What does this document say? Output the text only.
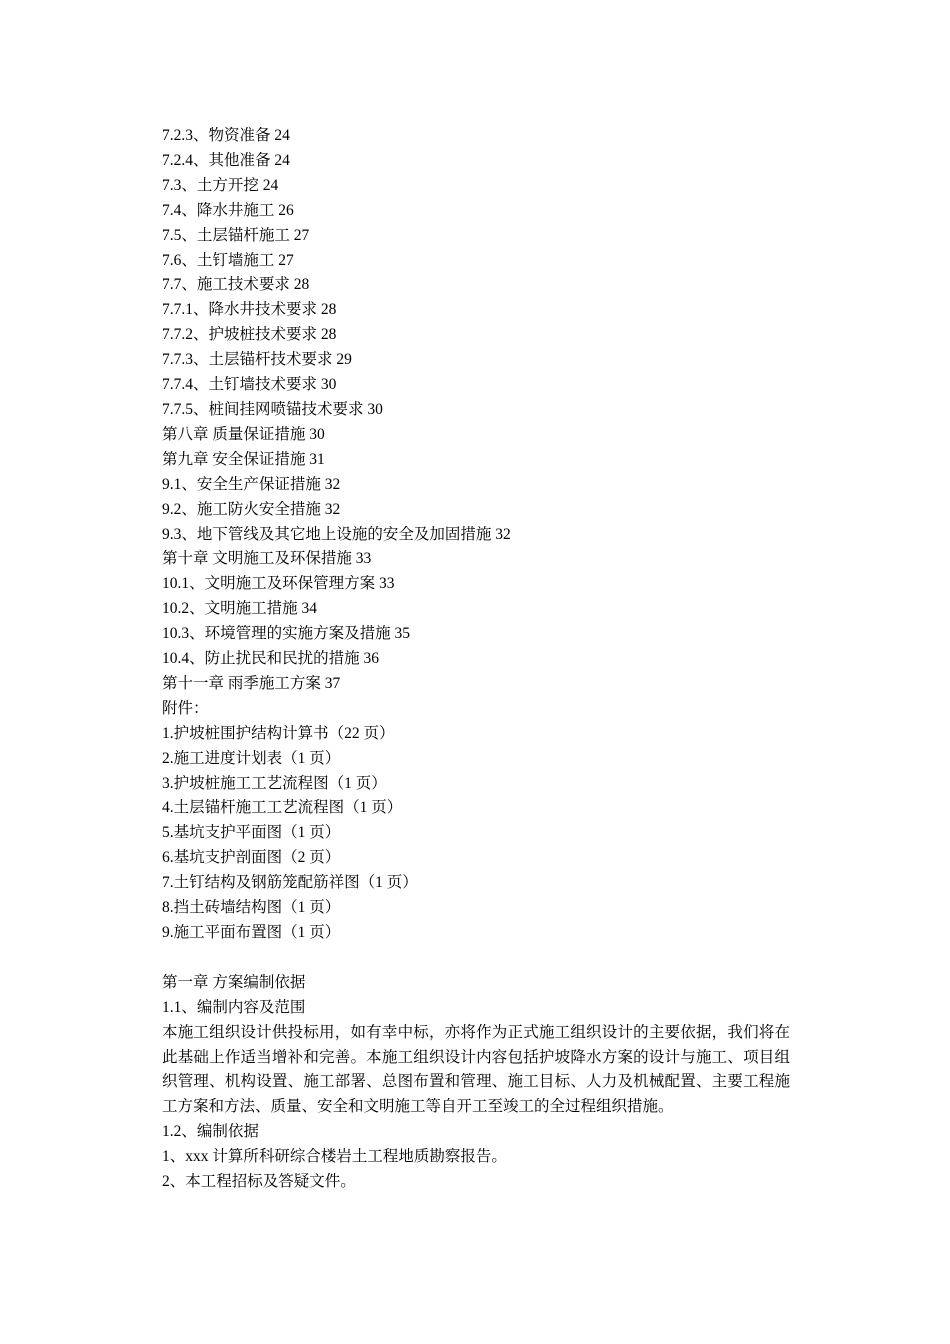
7.2.3、物资准备 24
7.2.4、其他准备 24
7.3、土方开挖 24
7.4、降水井施工 26
7.5、土层锚杆施工 27
7.6、土钉墙施工 27
7.7、施工技术要求 28
7.7.1、降水井技术要求 28
7.7.2、护坡桩技术要求 28
7.7.3、土层锚杆技术要求 29
7.7.4、土钉墙技术要求 30
7.7.5、桩间挂网喷锚技术要求 30
第八章 质量保证措施 30
第九章 安全保证措施 31
9.1、安全生产保证措施 32
9.2、施工防火安全措施 32
9.3、地下管线及其它地上设施的安全及加固措施 32
第十章 文明施工及环保措施 33
10.1、文明施工及环保管理方案 33
10.2、文明施工措施 34
10.3、环境管理的实施方案及措施 35
10.4、防止扰民和民扰的措施 36
第十一章 雨季施工方案 37
附件：
1.护坡桩围护结构计算书（22 页）
2.施工进度计划表（1 页）
3.护坡桩施工工艺流程图（1 页）
4.土层锚杆施工工艺流程图（1 页）
5.基坑支护平面图（1 页）
6.基坑支护剖面图（2 页）
7.土钉结构及钢筋笼配筋祥图（1 页）
8.挡土砖墙结构图（1 页）
9.施工平面布置图（1 页）
第一章 方案编制依据
1.1、编制内容及范围
本施工组织设计供投标用，如有幸中标，亦将作为正式施工组织设计的主要依据，我们将在此基础上作适当增补和完善。本施工组织设计内容包括护坡降水方案的设计与施工、项目组织管理、机构设置、施工部署、总图布置和管理、施工目标、人力及机械配置、主要工程施工方案和方法、质量、安全和文明施工等自开工至竣工的全过程组织措施。
1.2、编制依据
1、xxx 计算所科研综合楼岩土工程地质勘察报告。
2、本工程招标及答疑文件。
